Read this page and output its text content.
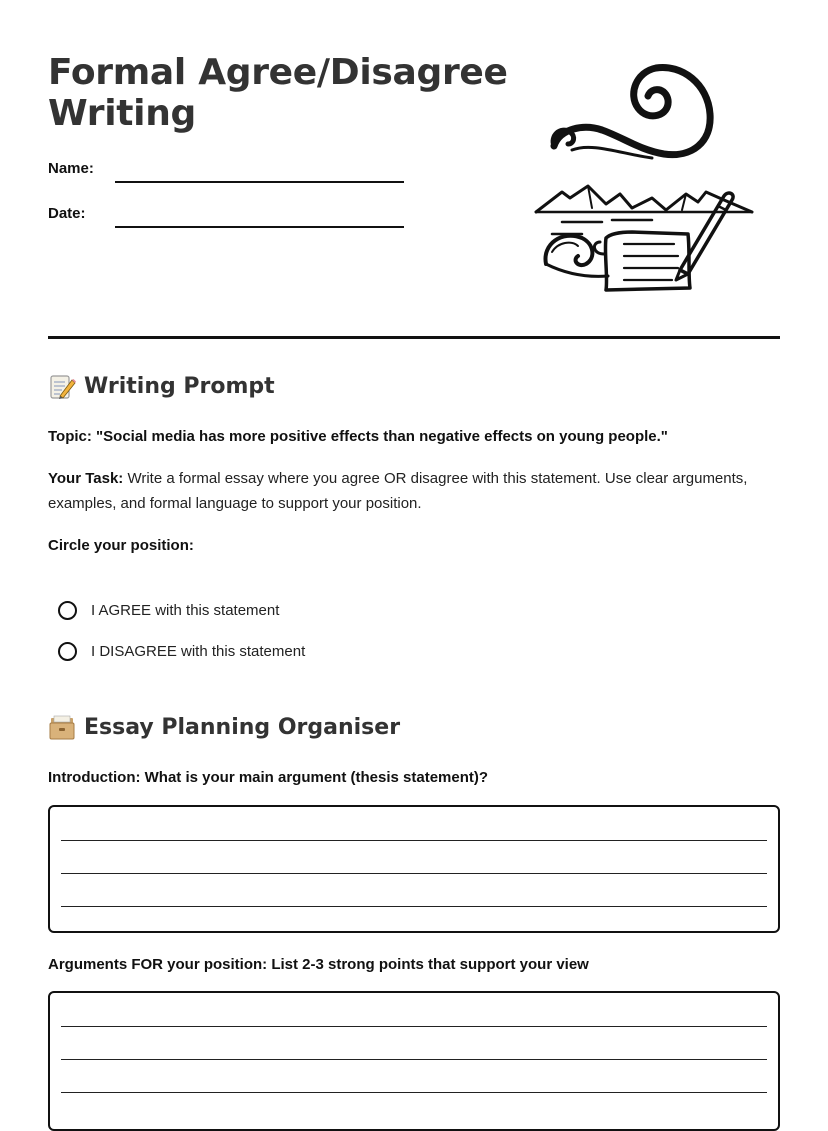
Formal Agree/Disagree Writing
Name:
Date:
Writing Prompt
Topic: "Social media has more positive effects than negative effects on young people."
Your Task: Write a formal essay where you agree OR disagree with this statement. Use clear arguments, examples, and formal language to support your position.
Circle your position:
I AGREE with this statement
I DISAGREE with this statement
Essay Planning Organiser
Introduction: What is your main argument (thesis statement)?
Arguments FOR your position: List 2-3 strong points that support your view
